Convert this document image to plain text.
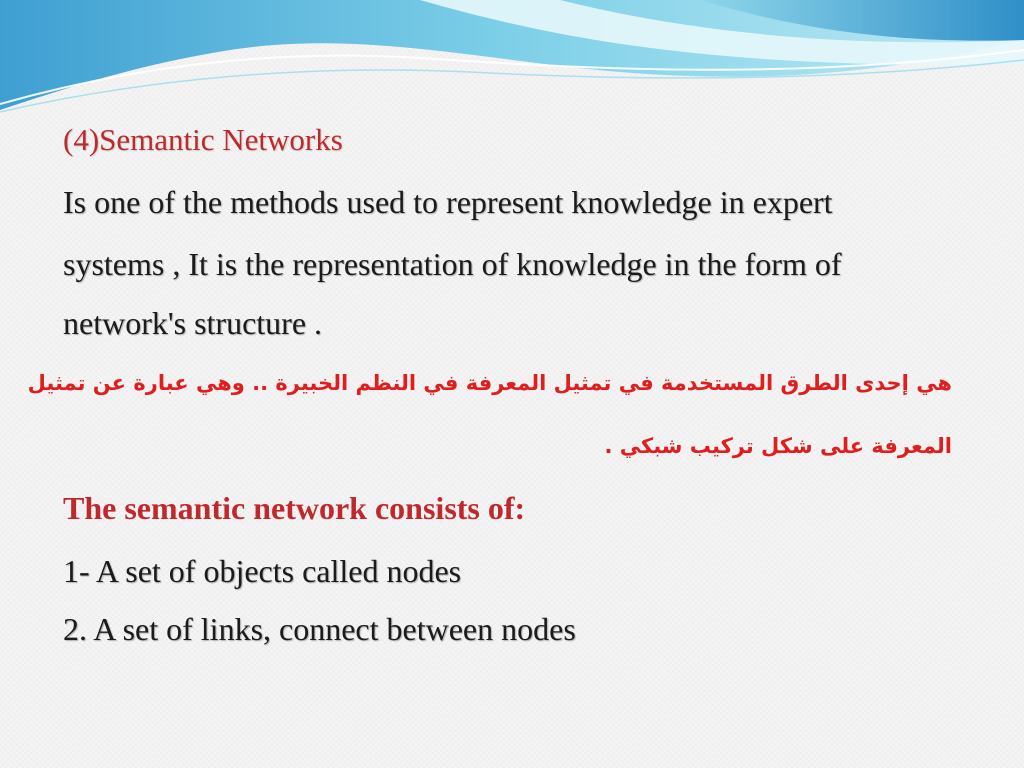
(4)Semantic Networks
Is one of the methods used to represent knowledge in expert
systems , It is the representation of knowledge in the form of
network's structure .
هي إحدى الطرق المستخدمة في تمثيل المعرفة في النظم الخبيرة .. وهي عبارة عن تمثيل
المعرفة على شكل تركيب شبكي .
The semantic network consists of:
1- A set of objects called nodes
2. A set of links, connect between nodes
